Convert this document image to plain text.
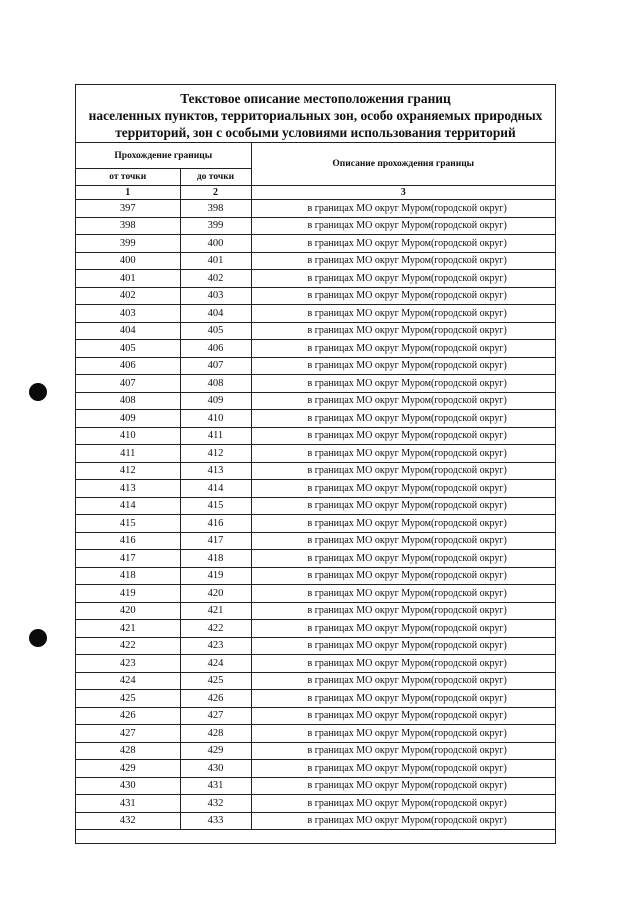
Текстовое описание местоположения границ
населенных пунктов, территориальных зон, особо охраняемых природных
территорий, зон с особыми условиями использования территорий
Прохождение границы		Описание прохождения границы
от точки	до точки	
1	2	3
397	398	в границах МО округ Муром(городской округ)
398	399	в границах МО округ Муром(городской округ)
399	400	в границах МО округ Муром(городской округ)
400	401	в границах МО округ Муром(городской округ)
401	402	в границах МО округ Муром(городской округ)
402	403	в границах МО округ Муром(городской округ)
403	404	в границах МО округ Муром(городской округ)
404	405	в границах МО округ Муром(городской округ)
405	406	в границах МО округ Муром(городской округ)
406	407	в границах МО округ Муром(городской округ)
407	408	в границах МО округ Муром(городской округ)
408	409	в границах МО округ Муром(городской округ)
409	410	в границах МО округ Муром(городской округ)
410	411	в границах МО округ Муром(городской округ)
411	412	в границах МО округ Муром(городской округ)
412	413	в границах МО округ Муром(городской округ)
413	414	в границах МО округ Муром(городской округ)
414	415	в границах МО округ Муром(городской округ)
415	416	в границах МО округ Муром(городской округ)
416	417	в границах МО округ Муром(городской округ)
417	418	в границах МО округ Муром(городской округ)
418	419	в границах МО округ Муром(городской округ)
419	420	в границах МО округ Муром(городской округ)
420	421	в границах МО округ Муром(городской округ)
421	422	в границах МО округ Муром(городской округ)
422	423	в границах МО округ Муром(городской округ)
423	424	в границах МО округ Муром(городской округ)
424	425	в границах МО округ Муром(городской округ)
425	426	в границах МО округ Муром(городской округ)
426	427	в границах МО округ Муром(городской округ)
427	428	в границах МО округ Муром(городской округ)
428	429	в границах МО округ Муром(городской округ)
429	430	в границах МО округ Муром(городской округ)
430	431	в границах МО округ Муром(городской округ)
431	432	в границах МО округ Муром(городской округ)
432	433	в границах МО округ Муром(городской округ)
